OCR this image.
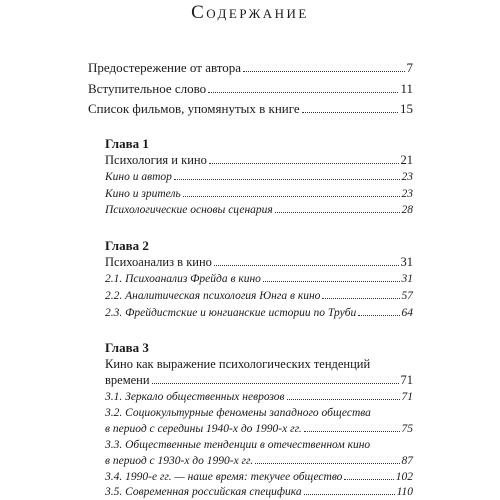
Содержание
Предостережение от автора	7
Вступительное слово	11
Список фильмов, упомянутых в книге	15
Глава 1
Психология и кино	21
Кино и автор	23
Кино и зритель	23
Психологические основы сценария	28
Глава 2
Психоанализ в кино	31
2.1. Психоанализ Фрейда в кино	31
2.2. Аналитическая психология Юнга в кино	57
2.3. Фрейдистские и юнгианские истории по Труби	64
Глава 3
Кино как выражение психологических тенденций
времени	71
3.1. Зеркало общественных неврозов	71
3.2. Социокультурные феномены западного общества
в период с середины 1940-х до 1990-х гг.	75
3.3. Общественные тенденции в отечественном кино
в период с 1930-х до 1990-х гг.	87
3.4. 1990-е гг. — наше время: текучее общество	102
3.5. Современная российская специфика	110
